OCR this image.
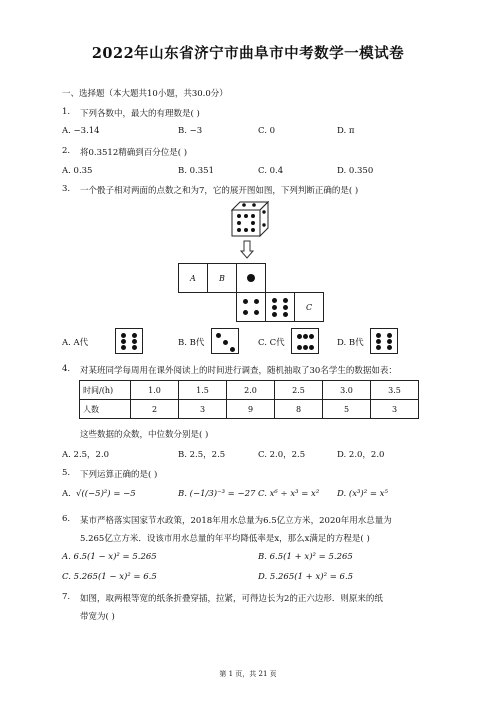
2022年山东省济宁市曲阜市中考数学一模试卷
一、选择题（本大题共10小题，共30.0分）
1. 下列各数中，最大的有理数是( )
A. −3.14	B. −3	C. 0	D. π
2. 将0.3512精确到百分位是( )
A. 0.35	B. 0.351	C. 0.4	D. 0.350
3. 一个骰子相对两面的点数之和为7，它的展开图如图，下列判断正确的是( )
A	B
C
A. A代	B. B代	C. C代	D. B代
4. 对某班同学每周用在课外阅读上的时间进行调查，随机抽取了30名学生的数据如表：
时间/(h)	1.0	1.5	2.0	2.5	3.0	3.5
人数	2	3	9	8	5	3
这些数据的众数，中位数分别是( )
A. 2.5，2.0	B. 2.5，2.5	C. 2.0，2.5	D. 2.0，2.0
5. 下列运算正确的是( )
A. √((−5)²) = −5	B. (−1/3)⁻³ = −27 C. x⁶ ÷ x³ = x² D. (x³)² = x⁵
6. 某市严格落实国家节水政策，2018年用水总量为6.5亿立方米，2020年用水总量为
5.265亿立方米．设该市用水总量的年平均降低率是x，那么x满足的方程是( )
A. 6.5(1 − x)² = 5.265	B. 6.5(1 + x)² = 5.265
C. 5.265(1 − x)² = 6.5	D. 5.265(1 + x)² = 6.5
7. 如图，取两根等宽的纸条折叠穿插，拉紧，可得边长为2的正六边形．则原来的纸
带宽为( )
第 1 页，共 21 页
